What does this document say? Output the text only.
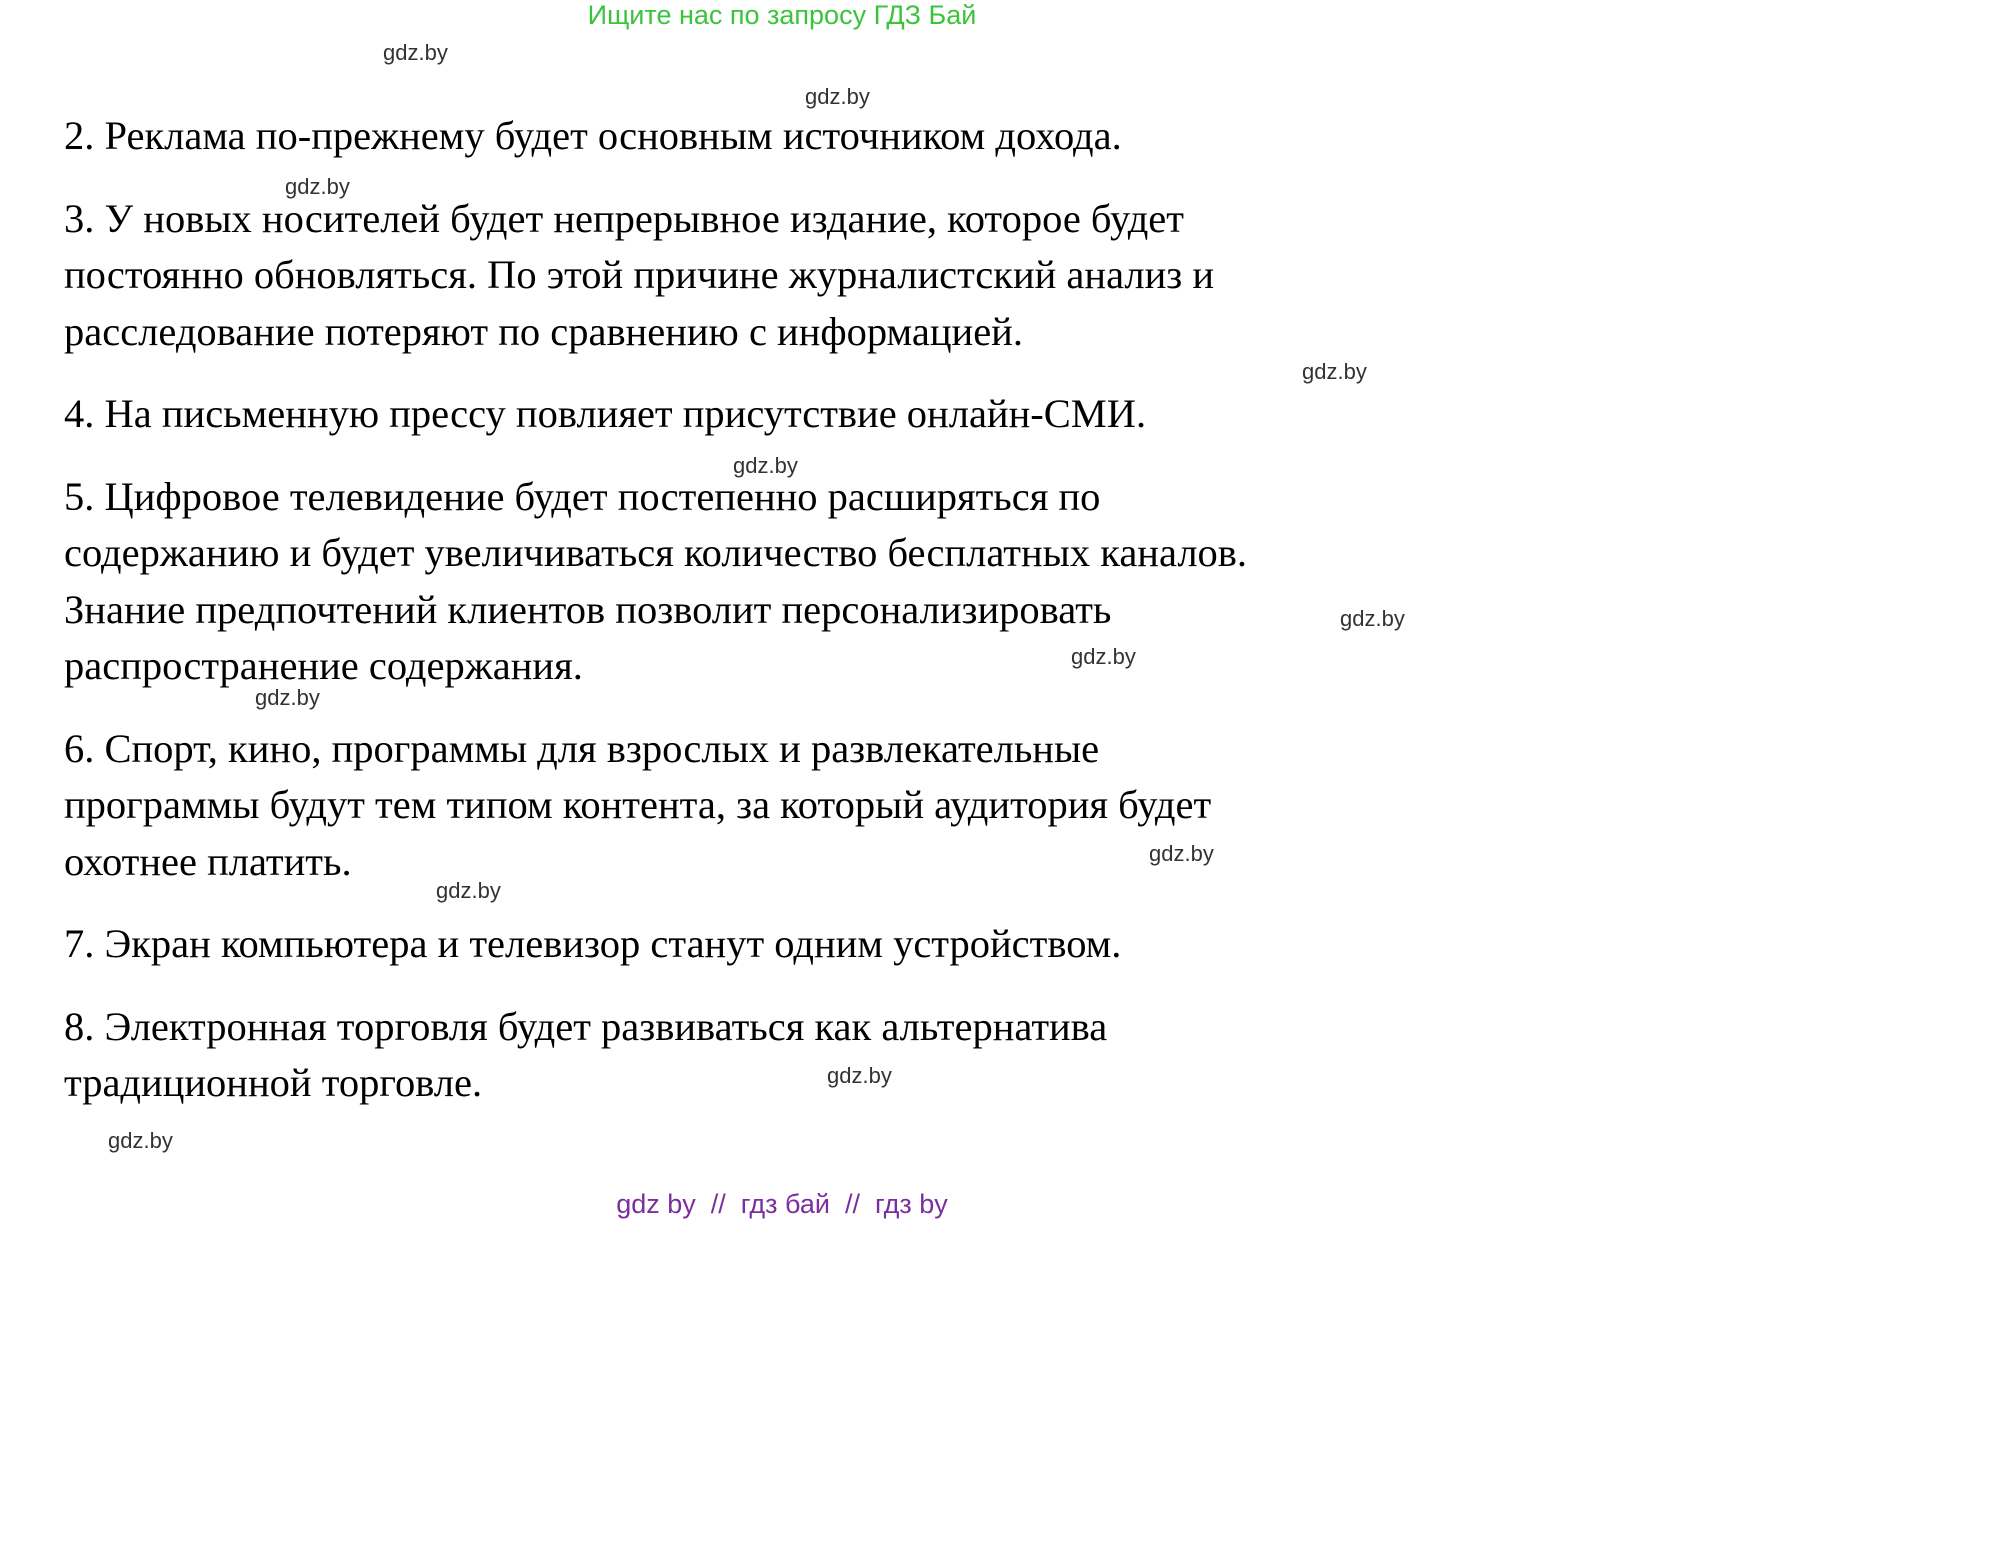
Ищите нас по запросу ГДЗ Бай
gdz.by
gdz.by
gdz.by
gdz.by
gdz.by
gdz.by
gdz.by
gdz.by
gdz.by
gdz.by
gdz.by
gdz.by

2. Реклама по-прежнему будет основным источником дохода.

3. У новых носителей будет непрерывное издание, которое будет
постоянно обновляться. По этой причине журналистский анализ и
расследование потеряют по сравнению с информацией.

4. На письменную прессу повлияет присутствие онлайн-СМИ.

5. Цифровое телевидение будет постепенно расширяться по
содержанию и будет увеличиваться количество бесплатных каналов.
Знание предпочтений клиентов позволит персонализировать
распространение содержания.

6. Спорт, кино, программы для взрослых и развлекательные
программы будут тем типом контента, за который аудитория будет
охотнее платить.

7. Экран компьютера и телевизор станут одним устройством.

8. Электронная торговля будет развиваться как альтернатива
традиционной торговле.

gdz by  //  гдз бай  //  гдз by
